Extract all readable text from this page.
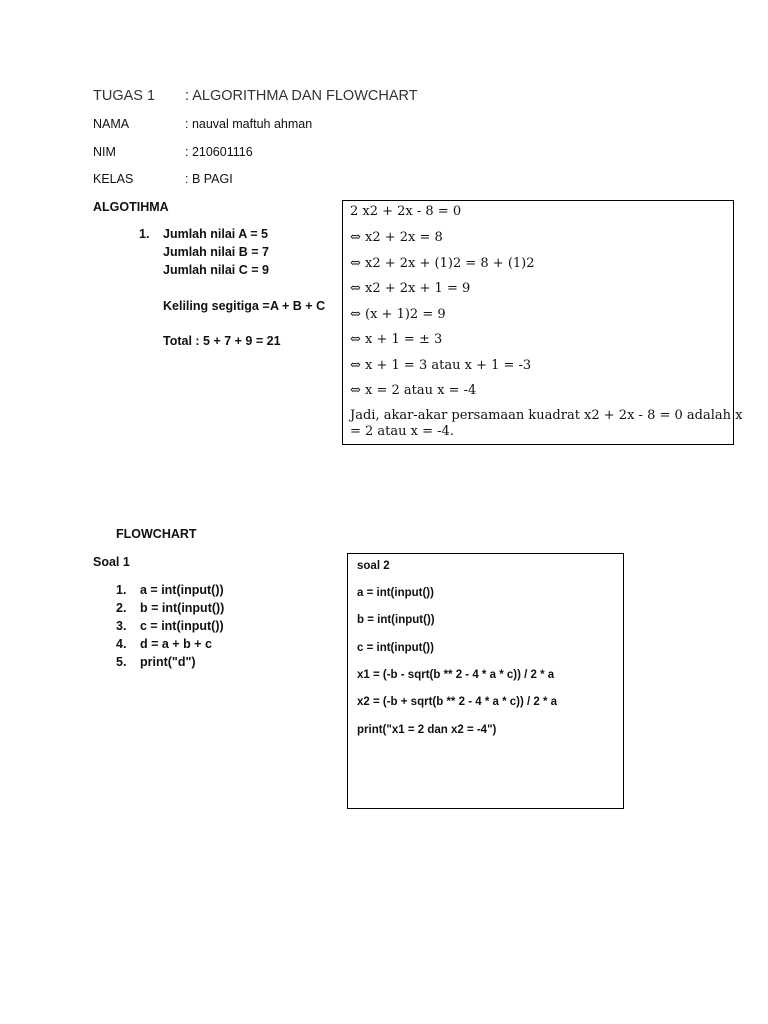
TUGAS 1 : ALGORITHMA DAN FLOWCHART
NAMA	: nauval maftuh ahman
NIM	: 210601116
KELAS	: B PAGI
ALGOTIHMA
1. Jumlah nilai A = 5
Jumlah nilai B = 7
Jumlah nilai C = 9
Keliling segitiga = A + B + C
Total : 5 + 7 + 9 = 21
2 x2 + 2x - 8 = 0
⇔ x2 + 2x = 8
⇔ x2 + 2x + (1)2 = 8 + (1)2
⇔ x2 + 2x + 1 = 9
⇔ (x + 1)2 = 9
⇔ x + 1 = ± 3
⇔ x + 1 = 3 atau x + 1 = -3
⇔ x = 2 atau x = -4
Jadi, akar-akar persamaan kuadrat x2 + 2x - 8 = 0 adalah x
= 2 atau x = -4.
FLOWCHART
Soal 1
1. a = int(input())
2. b = int(input())
3. c = int(input())
4. d = a + b + c
5. print("d")
soal 2
a = int(input())
b = int(input())
c = int(input())
x1 = (-b - sqrt(b ** 2 - 4 * a * c)) / 2 * a
x2 = (-b + sqrt(b ** 2 - 4 * a * c)) / 2 * a
print("x1 = 2 dan x2 = -4")
